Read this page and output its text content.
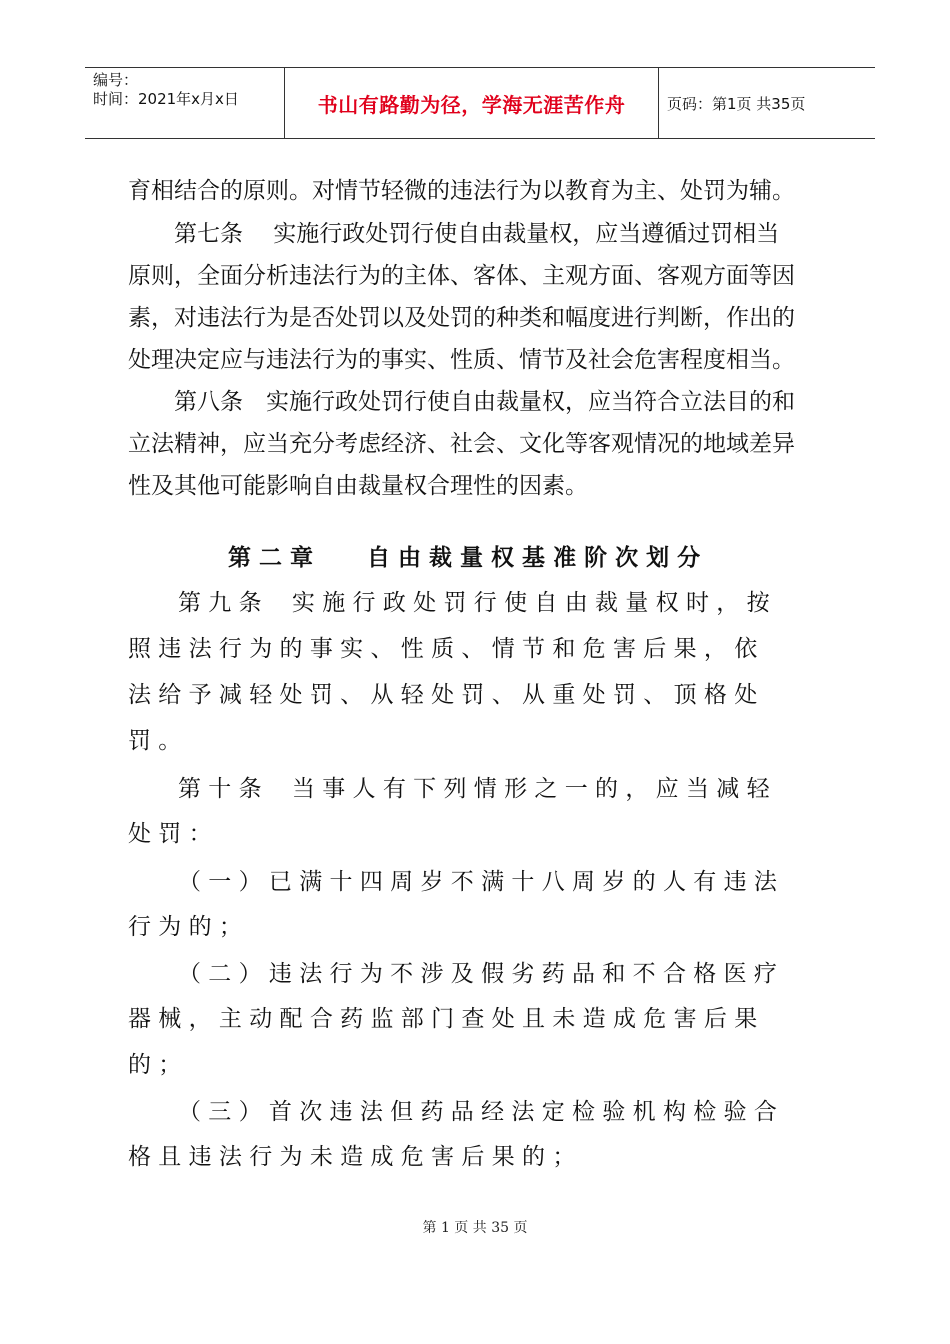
编号：
时间：2021年x月x日	书山有路勤为径，学海无涯苦作舟	页码：第1页 共35页
育相结合的原则。对情节轻微的违法行为以教育为主、处罚为辅。
第七条　 实施行政处罚行使自由裁量权，应当遵循过罚相当
原则，全面分析违法行为的主体、客体、主观方面、客观方面等因
素，对违法行为是否处罚以及处罚的种类和幅度进行判断，作出的
处理决定应与违法行为的事实、性质、情节及社会危害程度相当。
第八条　实施行政处罚行使自由裁量权，应当符合立法目的和
立法精神，应当充分考虑经济、社会、文化等客观情况的地域差异
性及其他可能影响自由裁量权合理性的因素。
第 二 章　　 自 由 裁 量 权 基 准 阶 次 划 分
第 九 条　 实 施 行 政 处 罚 行 使 自 由 裁 量 权 时 ， 按
照 违 法 行 为 的 事 实 、 性 质 、 情 节 和 危 害 后 果 ， 依
法 给 予 减 轻 处 罚 、 从 轻 处 罚 、 从 重 处 罚 、 顶 格 处
罚 。
第 十 条　 当 事 人 有 下 列 情 形 之 一 的 ， 应 当 减 轻
处 罚 ：
（ 一 ） 已 满 十 四 周 岁 不 满 十 八 周 岁 的 人 有 违 法
行 为 的 ；
（ 二 ） 违 法 行 为 不 涉 及 假 劣 药 品 和 不 合 格 医 疗
器 械 ， 主 动 配 合 药 监 部 门 查 处 且 未 造 成 危 害 后 果
的 ；
（ 三 ） 首 次 违 法 但 药 品 经 法 定 检 验 机 构 检 验 合
格 且 违 法 行 为 未 造 成 危 害 后 果 的 ；
第 1 页 共 35 页
